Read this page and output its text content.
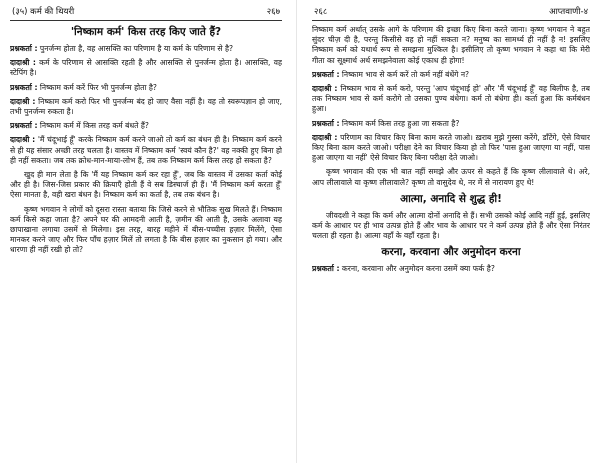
(३५) कर्म की थियरी	२६७
'निष्काम कर्म' किस तरह किए जाते हैं?

प्रश्नकर्ता : पुनर्जन्म होता है, वह आसक्ति का परिणाम है या कर्म के परिणाम से है?

दादाश्री : कर्म के परिणाम से आसक्ति रहती है और आसक्ति से पुनर्जन्म होता है। आसक्ति, वह स्टेपिंग है।

प्रश्नकर्ता : निष्काम कर्म करें फिर भी पुनर्जन्म होता है?

दादाश्री : निष्काम कर्म करो फिर भी पुनर्जन्म बंद हो जाए वैसा नहीं है। वह तो स्वरूपज्ञान हो जाए, तभी पुनर्जन्म रुकता है।

प्रश्नकर्ता : निष्काम कर्म में किस तरह कर्म बंधते हैं?

दादाश्री : 'मैं चंदूभाई हूँ' करके निष्काम कर्म करने जाओ तो कर्म का बंधन ही है। निष्काम कर्म करने से ही यह संसार अच्छी तरह चलता है। वास्तव में निष्काम कर्म 'स्वयं कौन है?' वह नक्की हुए बिना हो ही नहीं सकता। जब तक क्रोध-मान-माया-लोभ हैं, तब तक निष्काम कर्म किस तरह हो सकता है?

खुद ही मान लेता है कि 'मैं यह निष्काम कर्म कर रहा हूँ', जब कि वास्तव में उसका कर्ता कोई और ही है। जिस-जिस प्रकार की क्रियाएँ होती हैं वे सब डिस्चार्ज ही हैं। 'मैं निष्काम कर्म करता हूँ' ऐसा मानता है, वही खरा बंधन है। निष्काम कर्म का कर्ता है, तब तक बंधन है।

कृष्ण भगवान ने लोगों को दूसरा रास्ता बताया कि जिसे करने से भौतिक सुख मिलते हैं। निष्काम कर्म किसे कहा जाता है? अपने घर की आमदनी आती है, ज़मीन की आती है, उसके अलावा यह छापाखाना लगाया उसमें से मिलेगा। इस तरह, बारह महीने में बीस-पच्चीस हज़ार मिलेंगे, ऐसा मानकर करने जाए और फिर पाँच हज़ार मिलें तो लगता है कि बीस हज़ार का नुकसान हो गया। और धारणा ही नहीं रखी हो तो?

२६८	आप्तवाणी-४

निष्काम कर्म अर्थात् उसके आगे के परिणाम की इच्छा किए बिना करते जाना। कृष्ण भगवान ने बहुत सुंदर चीज़ दी है, परन्तु किसीसे वह हो नहीं सकता न? मनुष्य का सामर्थ्य ही नहीं है न! इसलिए निष्काम कर्म को यथार्थ रूप से समझना मुश्किल है। इसीलिए तो कृष्ण भगवान ने कहा था कि मेरी गीता का सूक्ष्मार्थ अर्थ समझनेवाला कोई एकाध ही होगा!

प्रश्नकर्ता : निष्काम भाव से कर्म करें तो कर्म नहीं बंधेंगे न?

दादाश्री : निष्काम भाव से कर्म करो, परन्तु 'आप चंदूभाई हो' और 'मैं चंदूभाई हूँ' वह बिलीफ है, तब तक निष्काम भाव से कर्म करोगे तो उसका पुण्य बंधेगा। कर्म तो बंधेगा ही। कर्ता हुआ कि कर्मबंधन हुआ।

प्रश्नकर्ता : निष्काम कर्म किस तरह हुआ जा सकता है?

दादाश्री : परिणाम का विचार किए बिना काम करते जाओ। ख़राब मुझे गुस्सा करेंगे, डाँटेंगे, ऐसे विचार किए बिना काम करते जाओ। परीक्षा देने का विचार किया हो तो फिर 'पास हुआ जाएगा या नहीं, पास हुआ जाएगा या नहीं' ऐसे विचार किए बिना परीक्षा देते जाओ।

कृष्ण भगवान की एक भी बात नहीं समझे और ऊपर से कहते हैं कि कृष्ण लीलावाले थे। अरे, आप लीलावाले या कृष्ण लीलावाले? कृष्ण तो वासुदेव थे, नर में से नारायण हुए थे!

आत्मा, अनादि से शुद्ध ही!

जीवदशी ने कहा कि कर्म और आत्मा दोनों अनादि से हैं। सभी उसको कोई आदि नहीं हुई, इसलिए कर्म के आधार पर ही भाव उत्पन्न होते हैं और भाव के आधार पर ने कर्म उत्पन्न होते हैं और ऐसा निरंतर चलता ही रहता है। आत्मा वहाँ के वहाँ रहता है।

करना, करवाना और अनुमोदन करना

प्रश्नकर्ता : करना, करवाना और अनुमोदन करना उसमें क्या फर्क है?
